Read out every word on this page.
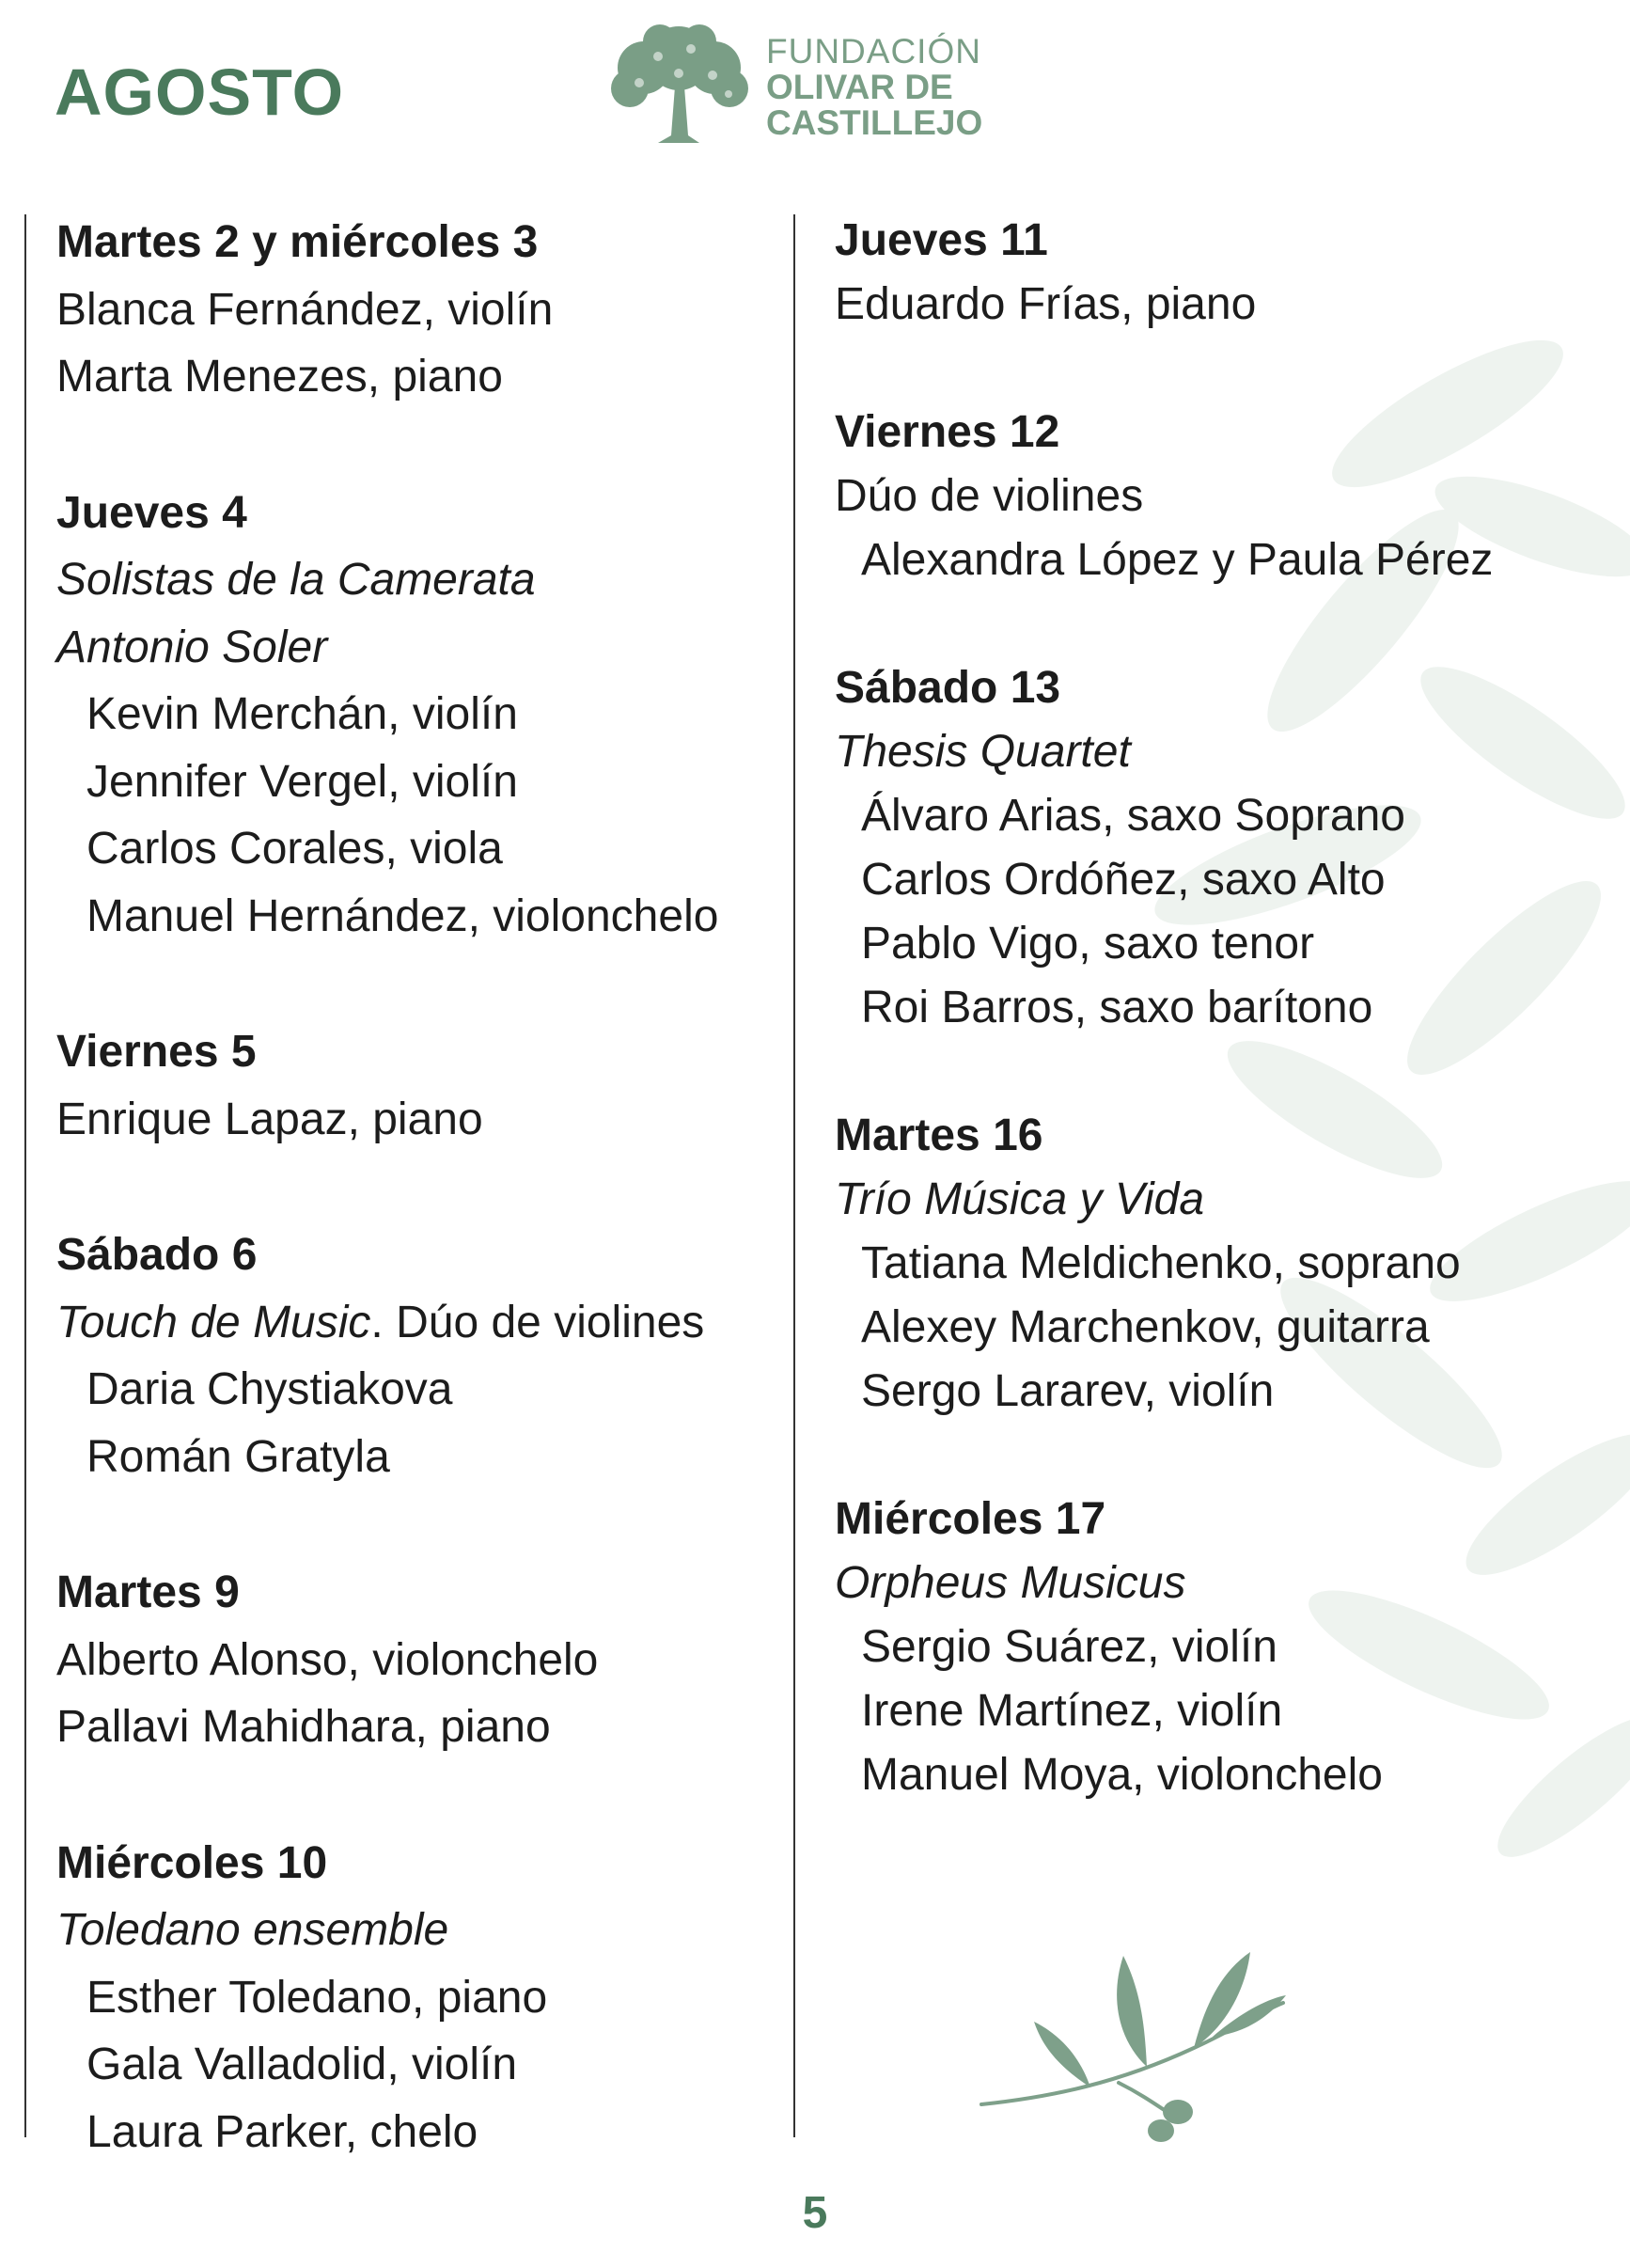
AGOSTO
FUNDACIÓN
OLIVAR DE
CASTILLEJO
Martes 2 y miércoles 3
Blanca Fernández, violín
Marta Menezes, piano
Jueves 4
Solistas de la Camerata
Antonio Soler
Kevin Merchán, violín
Jennifer Vergel, violín
Carlos Corales, viola
Manuel Hernández, violonchelo
Viernes 5
Enrique Lapaz, piano
Sábado 6
Touch de Music. Dúo de violines
Daria Chystiakova
Román Gratyla
Martes 9
Alberto Alonso, violonchelo
Pallavi Mahidhara, piano
Miércoles 10
Toledano ensemble
Esther Toledano, piano
Gala Valladolid, violín
Laura Parker, chelo
Jueves 11
Eduardo Frías, piano
Viernes 12
Dúo de violines
Alexandra López y Paula Pérez
Sábado 13
Thesis Quartet
Álvaro Arias, saxo Soprano
Carlos Ordóñez, saxo Alto
Pablo Vigo, saxo tenor
Roi Barros, saxo barítono
Martes 16
Trío Música y Vida
Tatiana Meldichenko, soprano
Alexey Marchenkov, guitarra
Sergo Lararev, violín
Miércoles 17
Orpheus Musicus
Sergio Suárez, violín
Irene Martínez, violín
Manuel Moya, violonchelo
5
